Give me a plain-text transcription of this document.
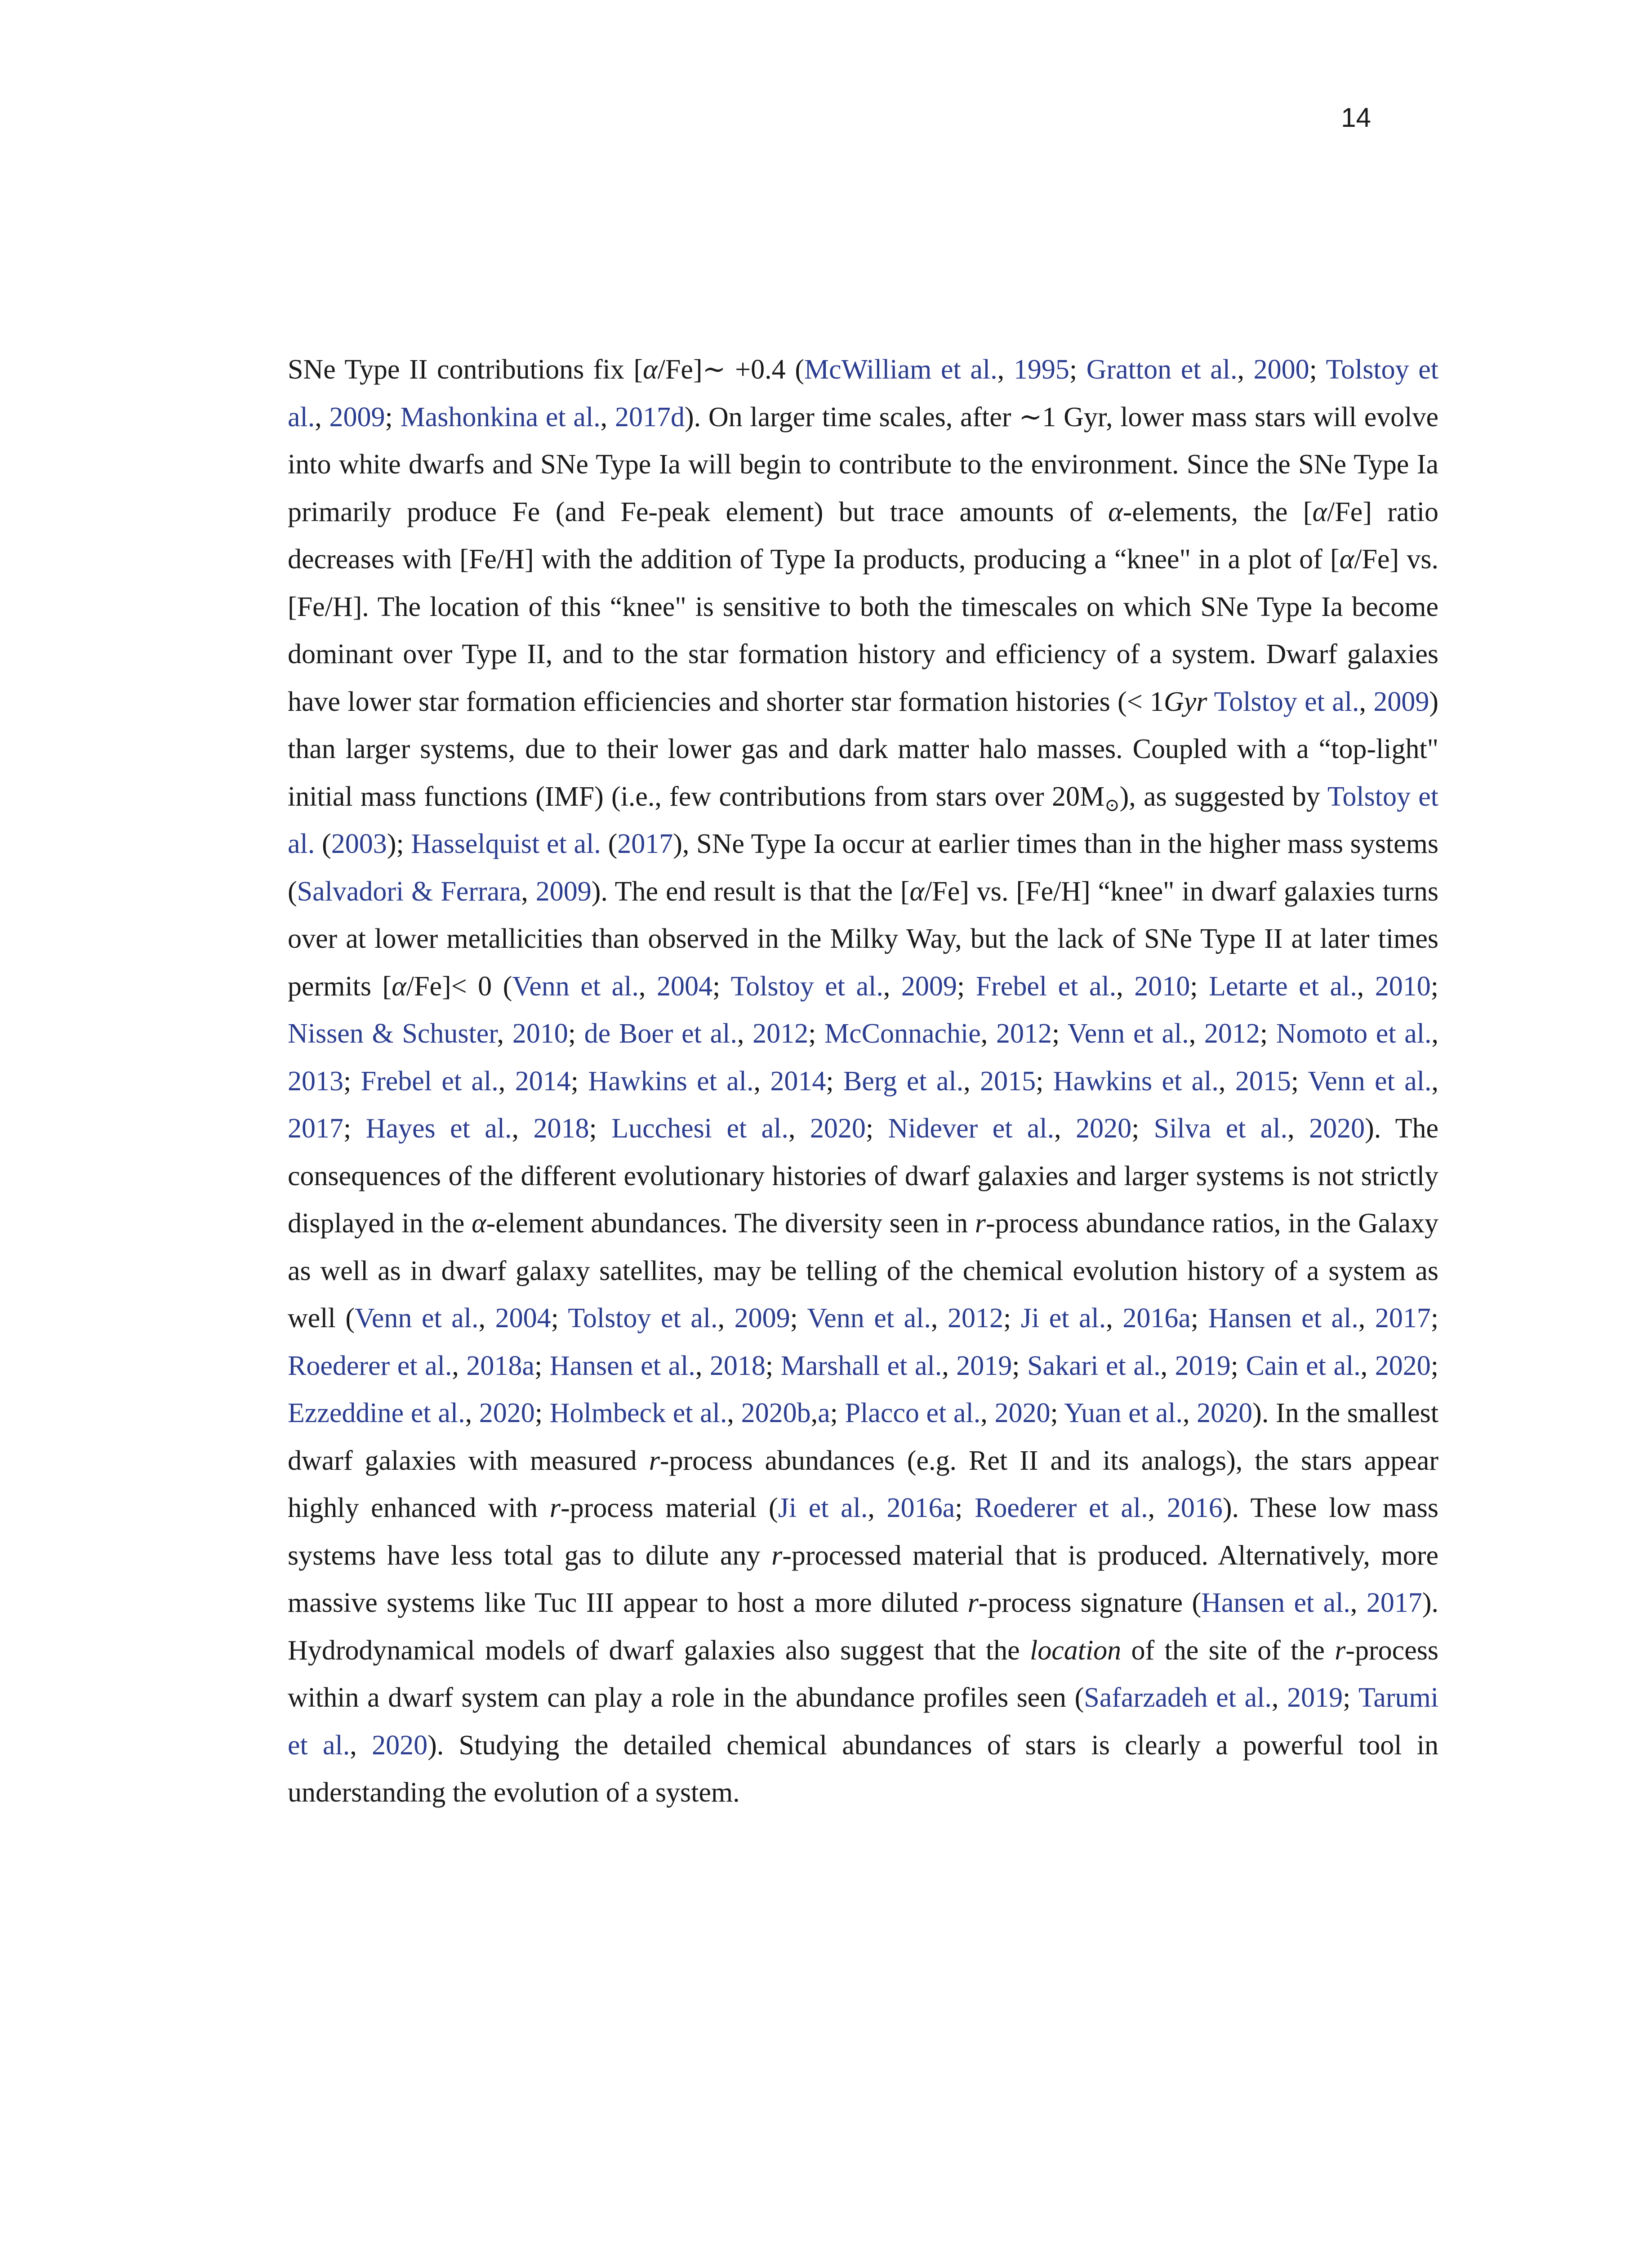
14
SNe Type II contributions fix [α/Fe]∼ +0.4 (McWilliam et al., 1995; Gratton et al., 2000; Tolstoy et al., 2009; Mashonkina et al., 2017d). On larger time scales, after ∼1 Gyr, lower mass stars will evolve into white dwarfs and SNe Type Ia will begin to contribute to the environment. Since the SNe Type Ia primarily produce Fe (and Fe-peak element) but trace amounts of α-elements, the [α/Fe] ratio decreases with [Fe/H] with the addition of Type Ia products, producing a “knee" in a plot of [α/Fe] vs. [Fe/H]. The location of this “knee" is sensitive to both the timescales on which SNe Type Ia become dominant over Type II, and to the star formation history and efficiency of a system. Dwarf galaxies have lower star formation efficiencies and shorter star formation histories (< 1Gyr Tolstoy et al., 2009) than larger systems, due to their lower gas and dark matter halo masses. Coupled with a “top-light" initial mass functions (IMF) (i.e., few contributions from stars over 20M⊙), as suggested by Tolstoy et al. (2003); Hasselquist et al. (2017), SNe Type Ia occur at earlier times than in the higher mass systems (Salvadori & Ferrara, 2009). The end result is that the [α/Fe] vs. [Fe/H] “knee" in dwarf galaxies turns over at lower metallicities than observed in the Milky Way, but the lack of SNe Type II at later times permits [α/Fe]< 0 (Venn et al., 2004; Tolstoy et al., 2009; Frebel et al., 2010; Letarte et al., 2010; Nissen & Schuster, 2010; de Boer et al., 2012; McConnachie, 2012; Venn et al., 2012; Nomoto et al., 2013; Frebel et al., 2014; Hawkins et al., 2014; Berg et al., 2015; Hawkins et al., 2015; Venn et al., 2017; Hayes et al., 2018; Lucchesi et al., 2020; Nidever et al., 2020; Silva et al., 2020). The consequences of the different evolutionary histories of dwarf galaxies and larger systems is not strictly displayed in the α-element abundances. The diversity seen in r-process abundance ratios, in the Galaxy as well as in dwarf galaxy satellites, may be telling of the chemical evolution history of a system as well (Venn et al., 2004; Tolstoy et al., 2009; Venn et al., 2012; Ji et al., 2016a; Hansen et al., 2017; Roederer et al., 2018a; Hansen et al., 2018; Marshall et al., 2019; Sakari et al., 2019; Cain et al., 2020; Ezzeddine et al., 2020; Holmbeck et al., 2020b,a; Placco et al., 2020; Yuan et al., 2020). In the smallest dwarf galaxies with measured r-process abundances (e.g. Ret II and its analogs), the stars appear highly enhanced with r-process material (Ji et al., 2016a; Roederer et al., 2016). These low mass systems have less total gas to dilute any r-processed material that is produced. Alternatively, more massive systems like Tuc III appear to host a more diluted r-process signature (Hansen et al., 2017). Hydrodynamical models of dwarf galaxies also suggest that the location of the site of the r-process within a dwarf system can play a role in the abundance profiles seen (Safarzadeh et al., 2019; Tarumi et al., 2020). Studying the detailed chemical abundances of stars is clearly a powerful tool in understanding the evolution of a system.
